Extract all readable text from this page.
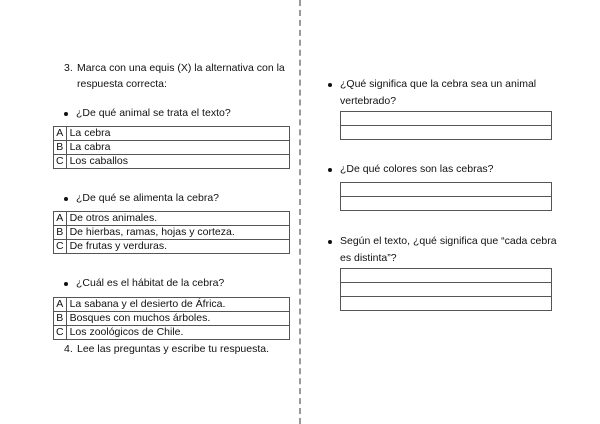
3. Marca con una equis (X) la alternativa con la respuesta correcta:
¿De qué animal se trata el texto?
A	La cebra
B	La cabra
C	Los caballos
¿De qué se alimenta la cebra?
A	De otros animales.
B	De hierbas, ramas, hojas y corteza.
C	De frutas y verduras.
¿Cuál es el hábitat de la cebra?
A	La sabana y el desierto de África.
B	Bosques con muchos árboles.
C	Los zoológicos de Chile.
4. Lee las preguntas y escribe tu respuesta.
¿Qué significa que la cebra sea un animal vertebrado?
¿De qué colores son las cebras?
Según el texto, ¿qué significa que “cada cebra es distinta”?
